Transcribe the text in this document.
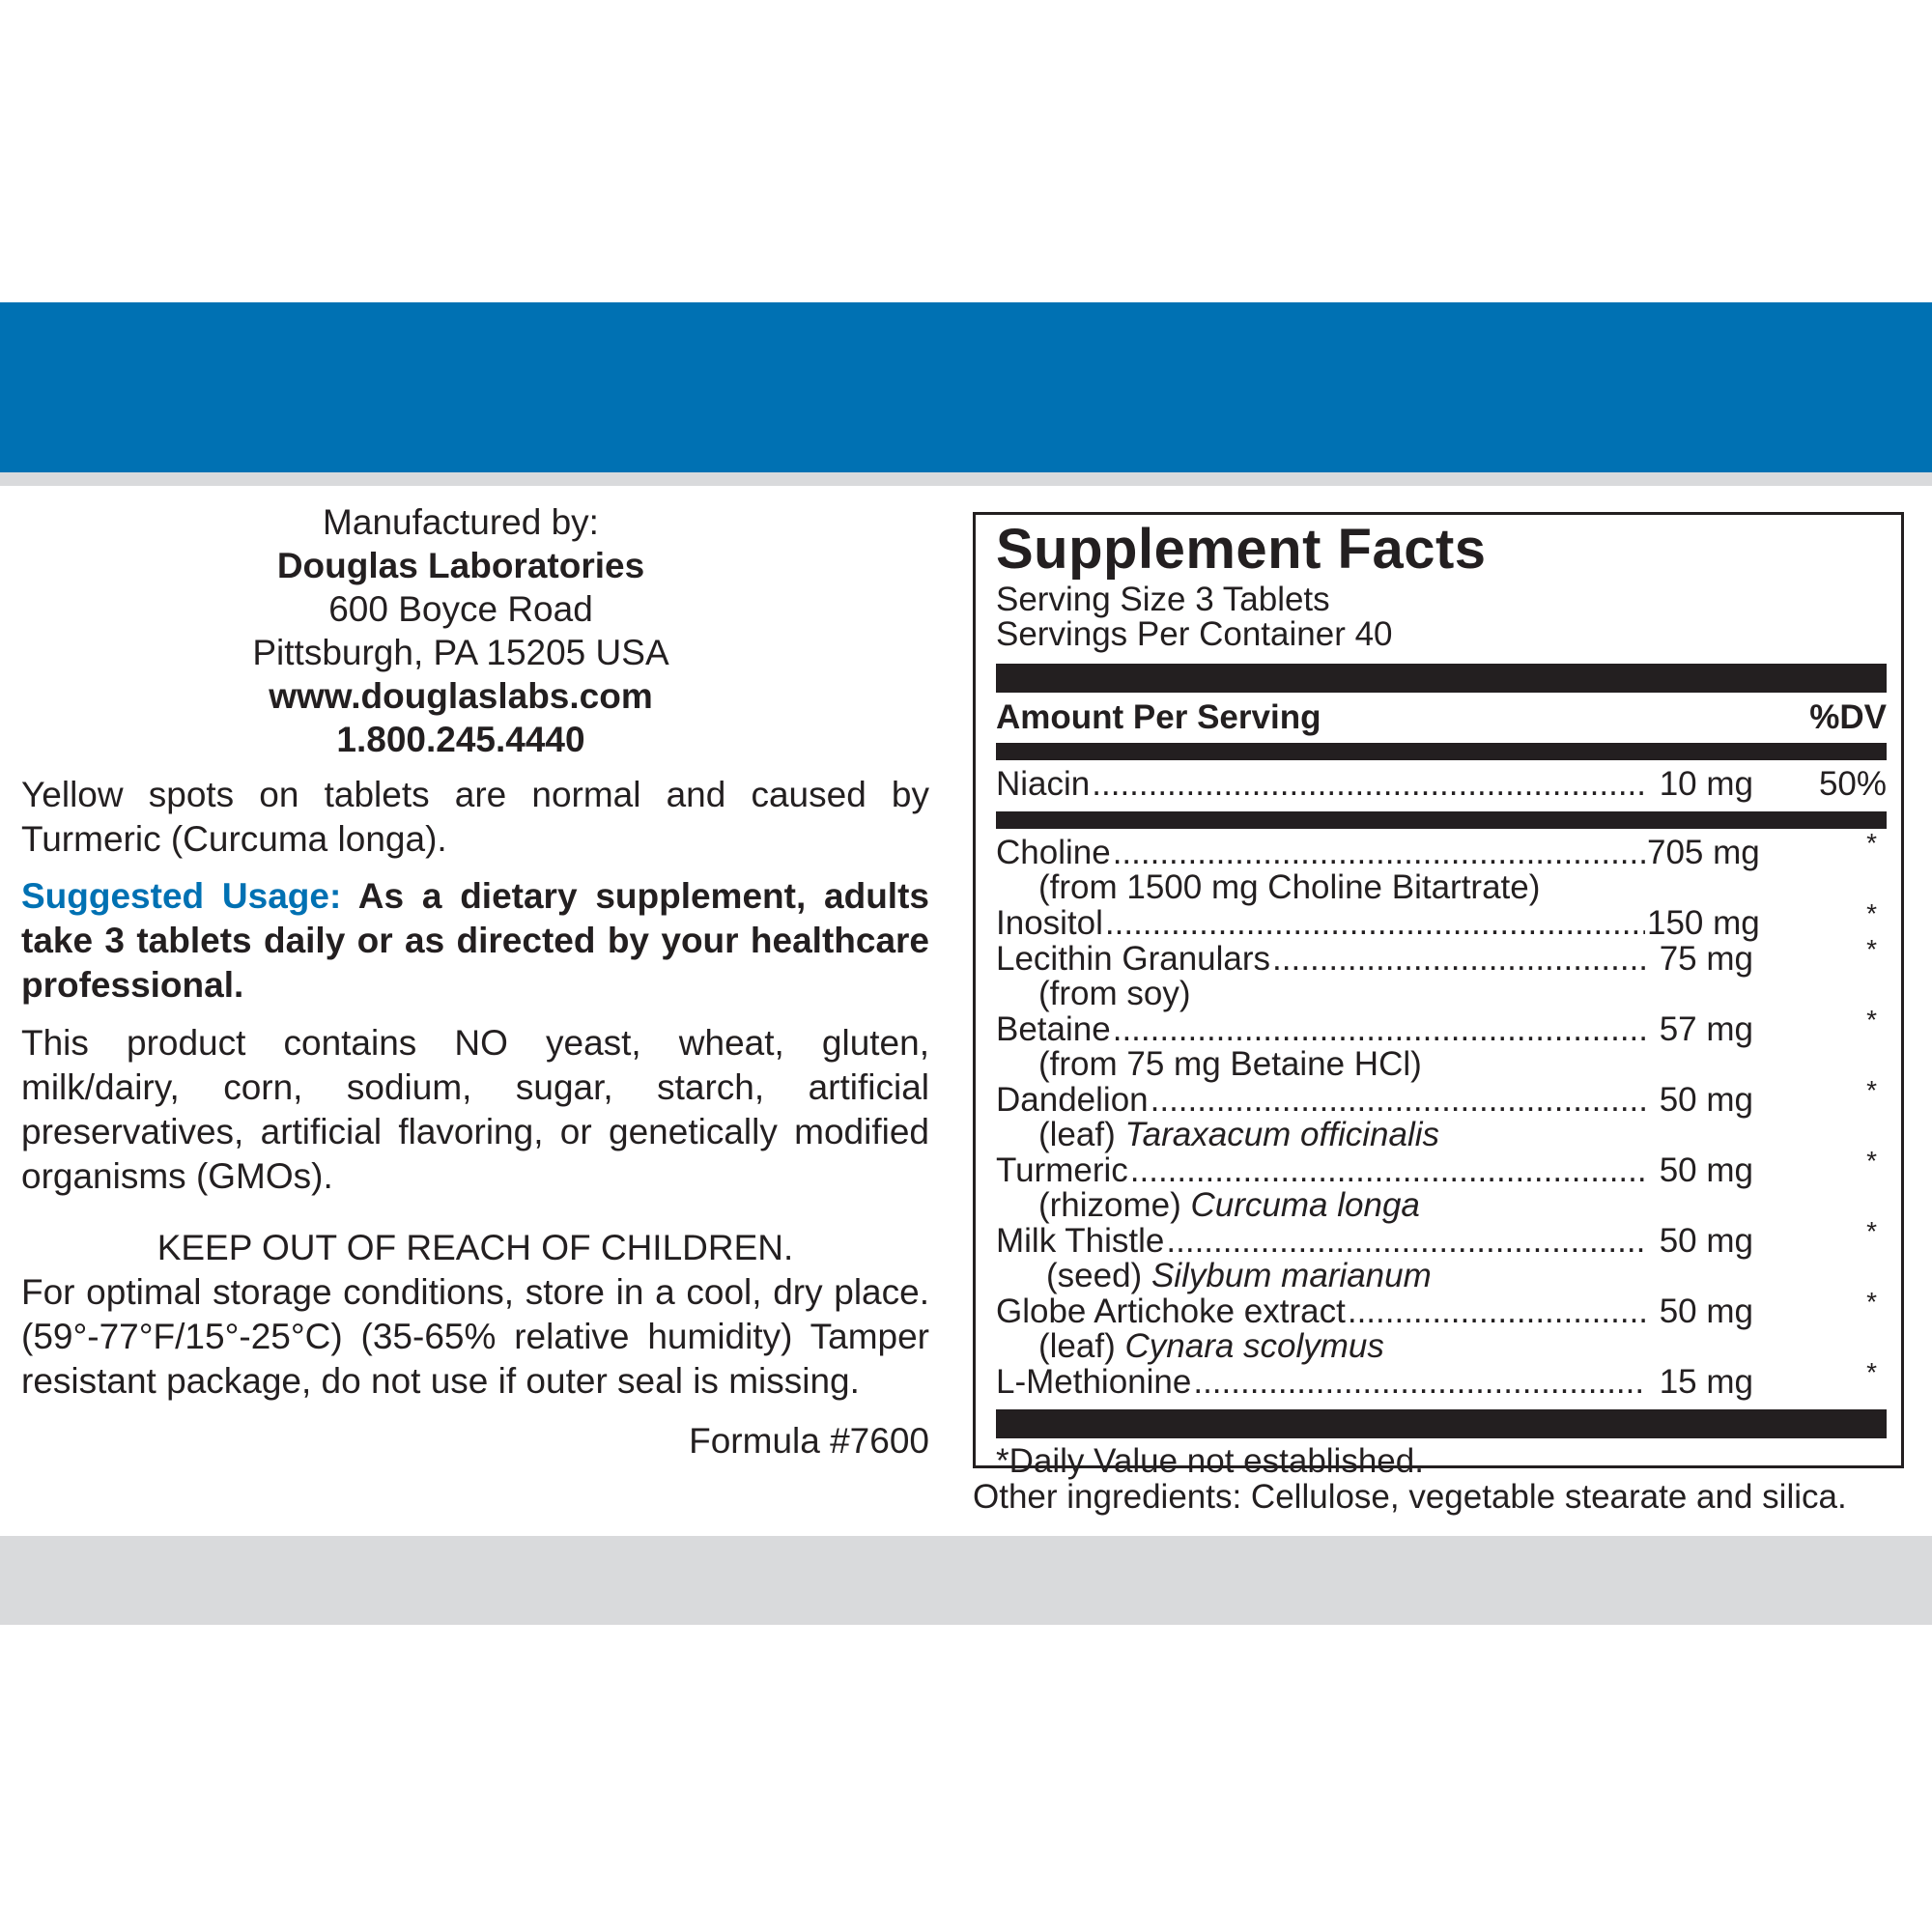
Manufactured by:
Douglas Laboratories
600 Boyce Road
Pittsburgh, PA 15205 USA
www.douglaslabs.com
1.800.245.4440

Yellow spots on tablets are normal and caused by Turmeric (Curcuma longa).

Suggested Usage: As a dietary supplement, adults take 3 tablets daily or as directed by your healthcare professional.

This product contains NO yeast, wheat, gluten, milk/dairy, corn, sodium, sugar, starch, artificial preservatives, artificial flavoring, or genetically modified organisms (GMOs).

KEEP OUT OF REACH OF CHILDREN.

For optimal storage conditions, store in a cool, dry place. (59°-77°F/15°-25°C) (35-65% relative humidity) Tamper resistant package, do not use if outer seal is missing.

Formula #7600
Supplement Facts
Serving Size 3 Tablets
Servings Per Container 40
Amount Per Serving	%DV
Niacin .....	10 mg	50%
Choline .....	705 mg	*
(from 1500 mg Choline Bitartrate)
Inositol .....	150 mg	*
Lecithin Granulars .....	75 mg	*
(from soy)
Betaine .....	57 mg	*
(from 75 mg Betaine HCl)
Dandelion .....	50 mg	*
(leaf) Taraxacum officinalis
Turmeric .....	50 mg	*
(rhizome) Curcuma longa
Milk Thistle .....	50 mg	*
(seed) Silybum marianum
Globe Artichoke extract .....	50 mg	*
(leaf) Cynara scolymus
L-Methionine .....	15 mg	*
*Daily Value not established.
Other ingredients: Cellulose, vegetable stearate and silica.
